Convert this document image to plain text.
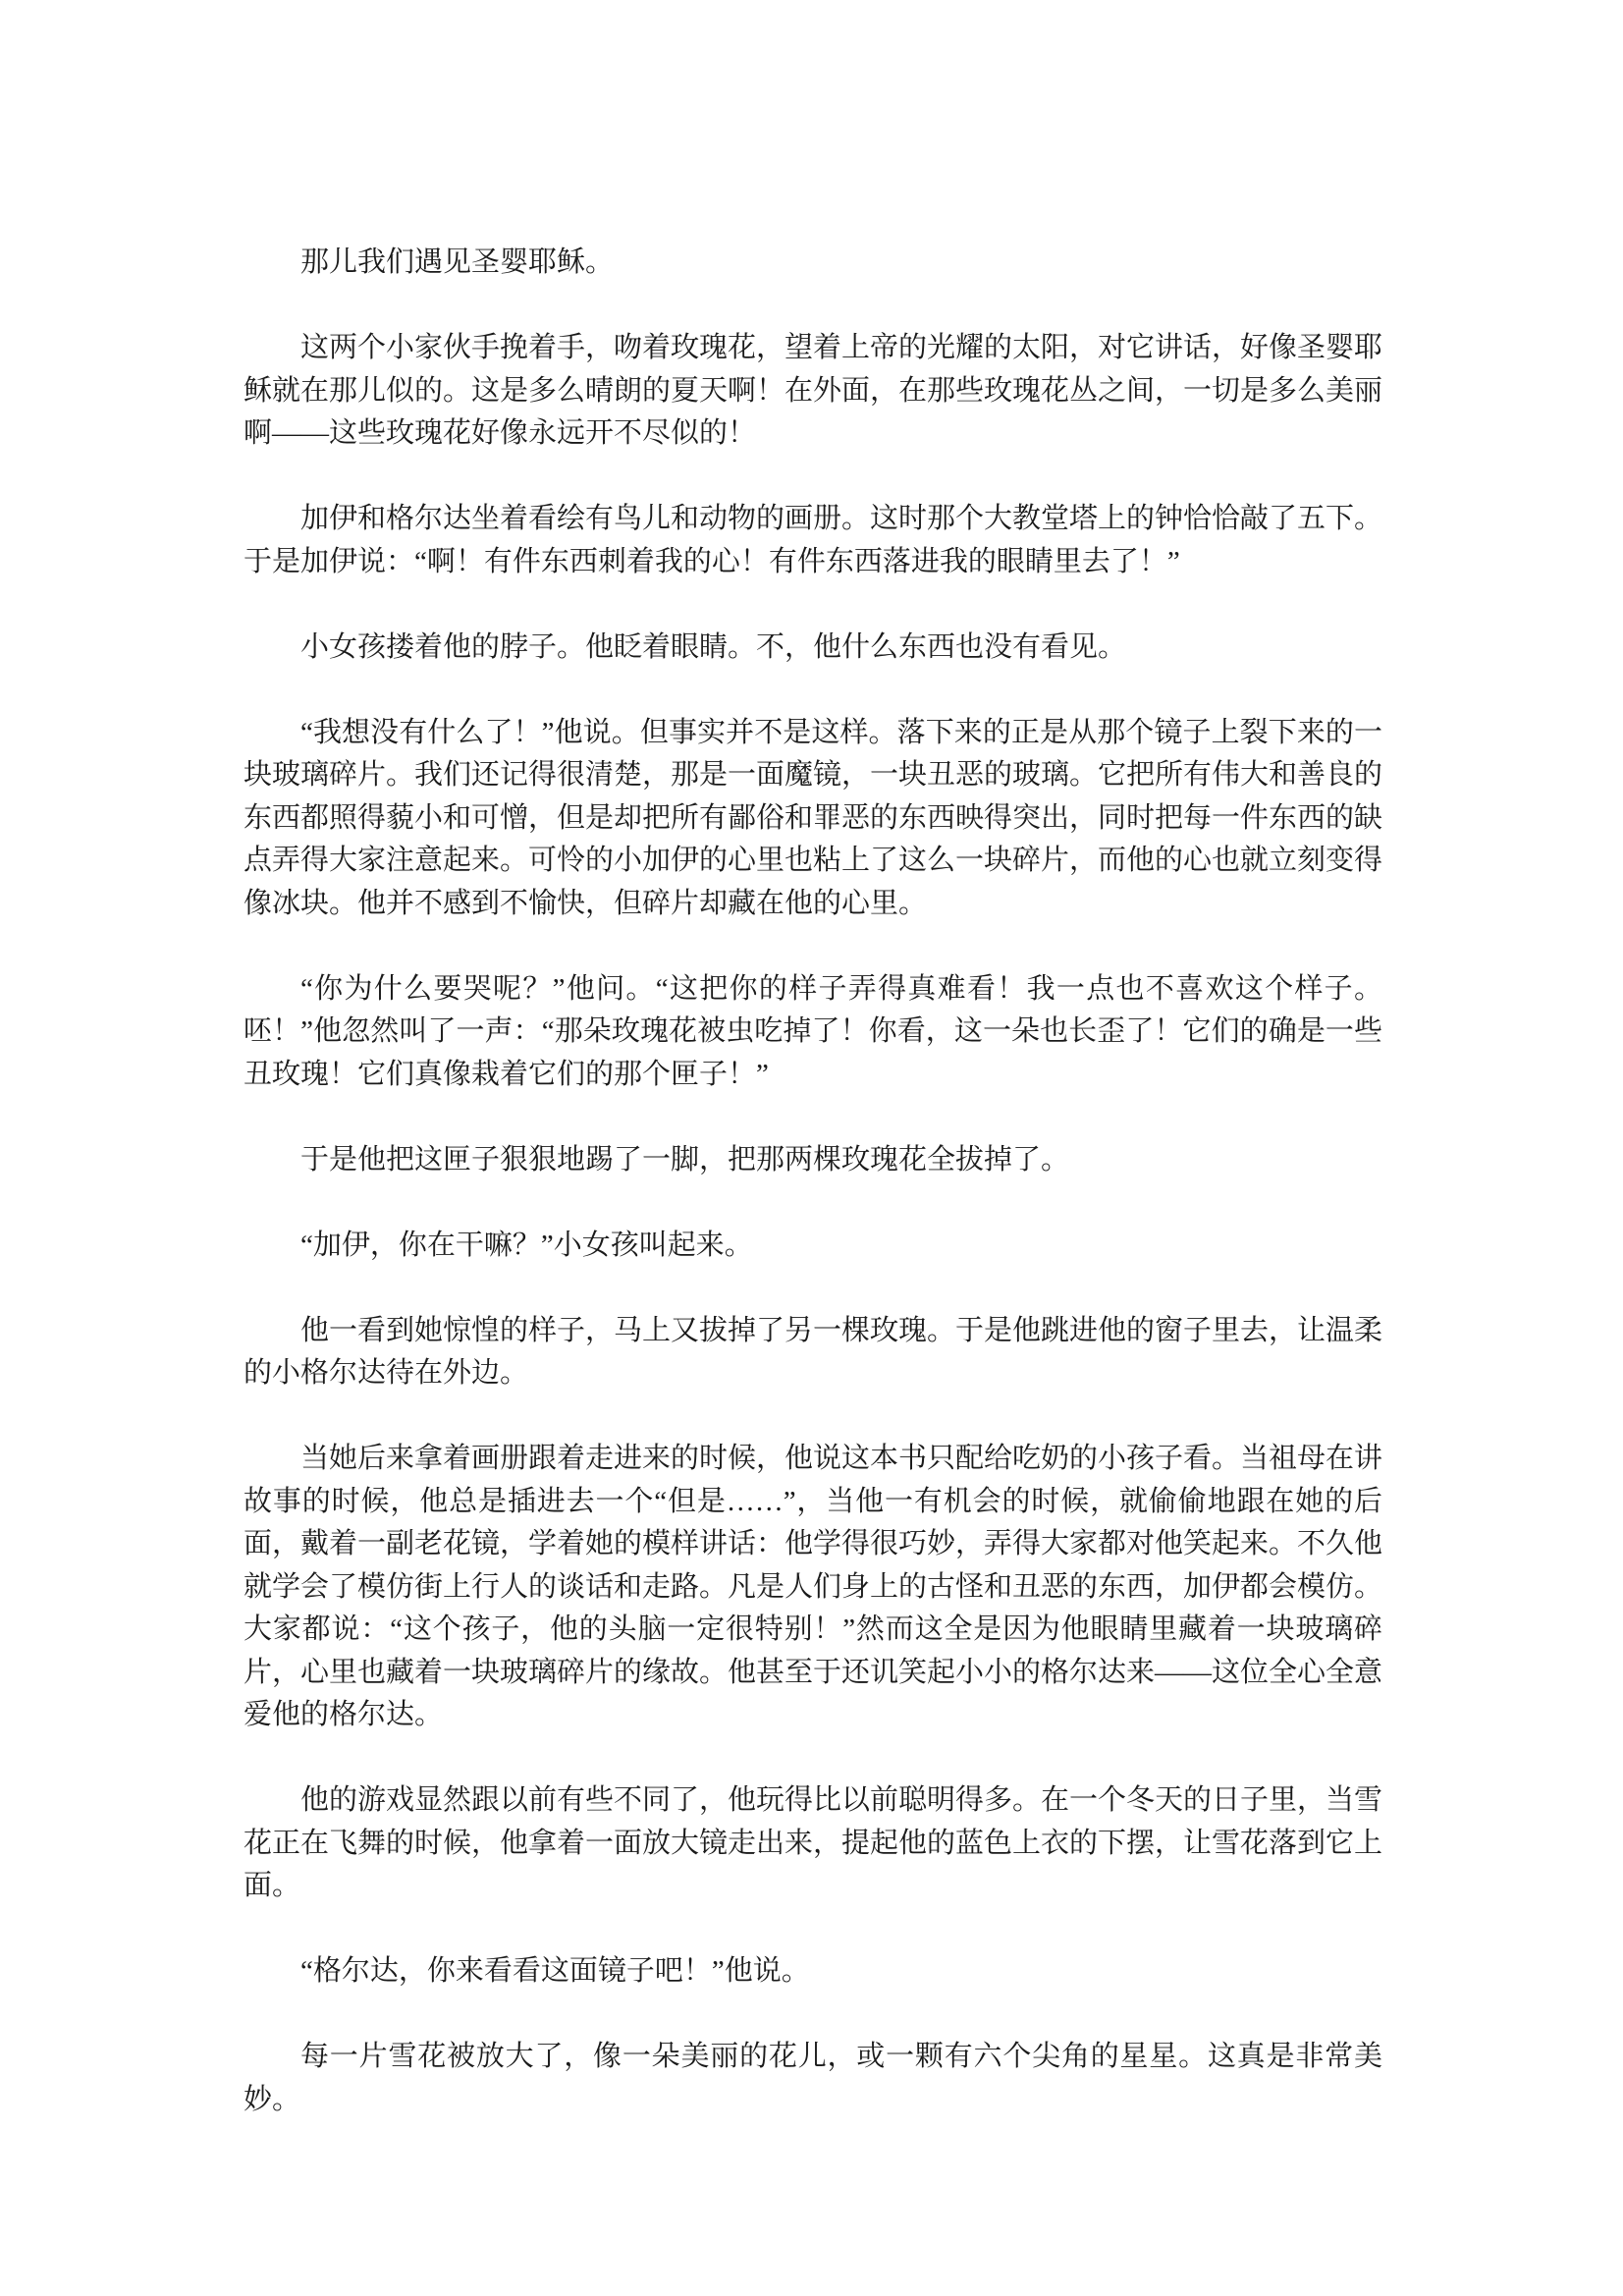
那儿我们遇见圣婴耶稣。

这两个小家伙手挽着手，吻着玫瑰花，望着上帝的光耀的太阳，对它讲话，好像圣婴耶稣就在那儿似的。这是多么晴朗的夏天啊！在外面，在那些玫瑰花丛之间，一切是多么美丽啊——这些玫瑰花好像永远开不尽似的！

加伊和格尔达坐着看绘有鸟儿和动物的画册。这时那个大教堂塔上的钟恰恰敲了五下。于是加伊说：“啊！有件东西刺着我的心！有件东西落进我的眼睛里去了！”

小女孩搂着他的脖子。他眨着眼睛。不，他什么东西也没有看见。

“我想没有什么了！”他说。但事实并不是这样。落下来的正是从那个镜子上裂下来的一块玻璃碎片。我们还记得很清楚，那是一面魔镜，一块丑恶的玻璃。它把所有伟大和善良的东西都照得藐小和可憎，但是却把所有鄙俗和罪恶的东西映得突出，同时把每一件东西的缺点弄得大家注意起来。可怜的小加伊的心里也粘上了这么一块碎片，而他的心也就立刻变得像冰块。他并不感到不愉快，但碎片却藏在他的心里。

“你为什么要哭呢？”他问。“这把你的样子弄得真难看！我一点也不喜欢这个样子。呸！”他忽然叫了一声：“那朵玫瑰花被虫吃掉了！你看，这一朵也长歪了！它们的确是一些丑玫瑰！它们真像栽着它们的那个匣子！”

于是他把这匣子狠狠地踢了一脚，把那两棵玫瑰花全拔掉了。

“加伊，你在干嘛？”小女孩叫起来。

他一看到她惊惶的样子，马上又拔掉了另一棵玫瑰。于是他跳进他的窗子里去，让温柔的小格尔达待在外边。

当她后来拿着画册跟着走进来的时候，他说这本书只配给吃奶的小孩子看。当祖母在讲故事的时候，他总是插进去一个“但是……”，当他一有机会的时候，就偷偷地跟在她的后面，戴着一副老花镜，学着她的模样讲话：他学得很巧妙，弄得大家都对他笑起来。不久他就学会了模仿街上行人的谈话和走路。凡是人们身上的古怪和丑恶的东西，加伊都会模仿。大家都说：“这个孩子，他的头脑一定很特别！”然而这全是因为他眼睛里藏着一块玻璃碎片，心里也藏着一块玻璃碎片的缘故。他甚至于还讥笑起小小的格尔达来——这位全心全意爱他的格尔达。

他的游戏显然跟以前有些不同了，他玩得比以前聪明得多。在一个冬天的日子里，当雪花正在飞舞的时候，他拿着一面放大镜走出来，提起他的蓝色上衣的下摆，让雪花落到它上面。

“格尔达，你来看看这面镜子吧！”他说。

每一片雪花被放大了，像一朵美丽的花儿，或一颗有六个尖角的星星。这真是非常美妙。
